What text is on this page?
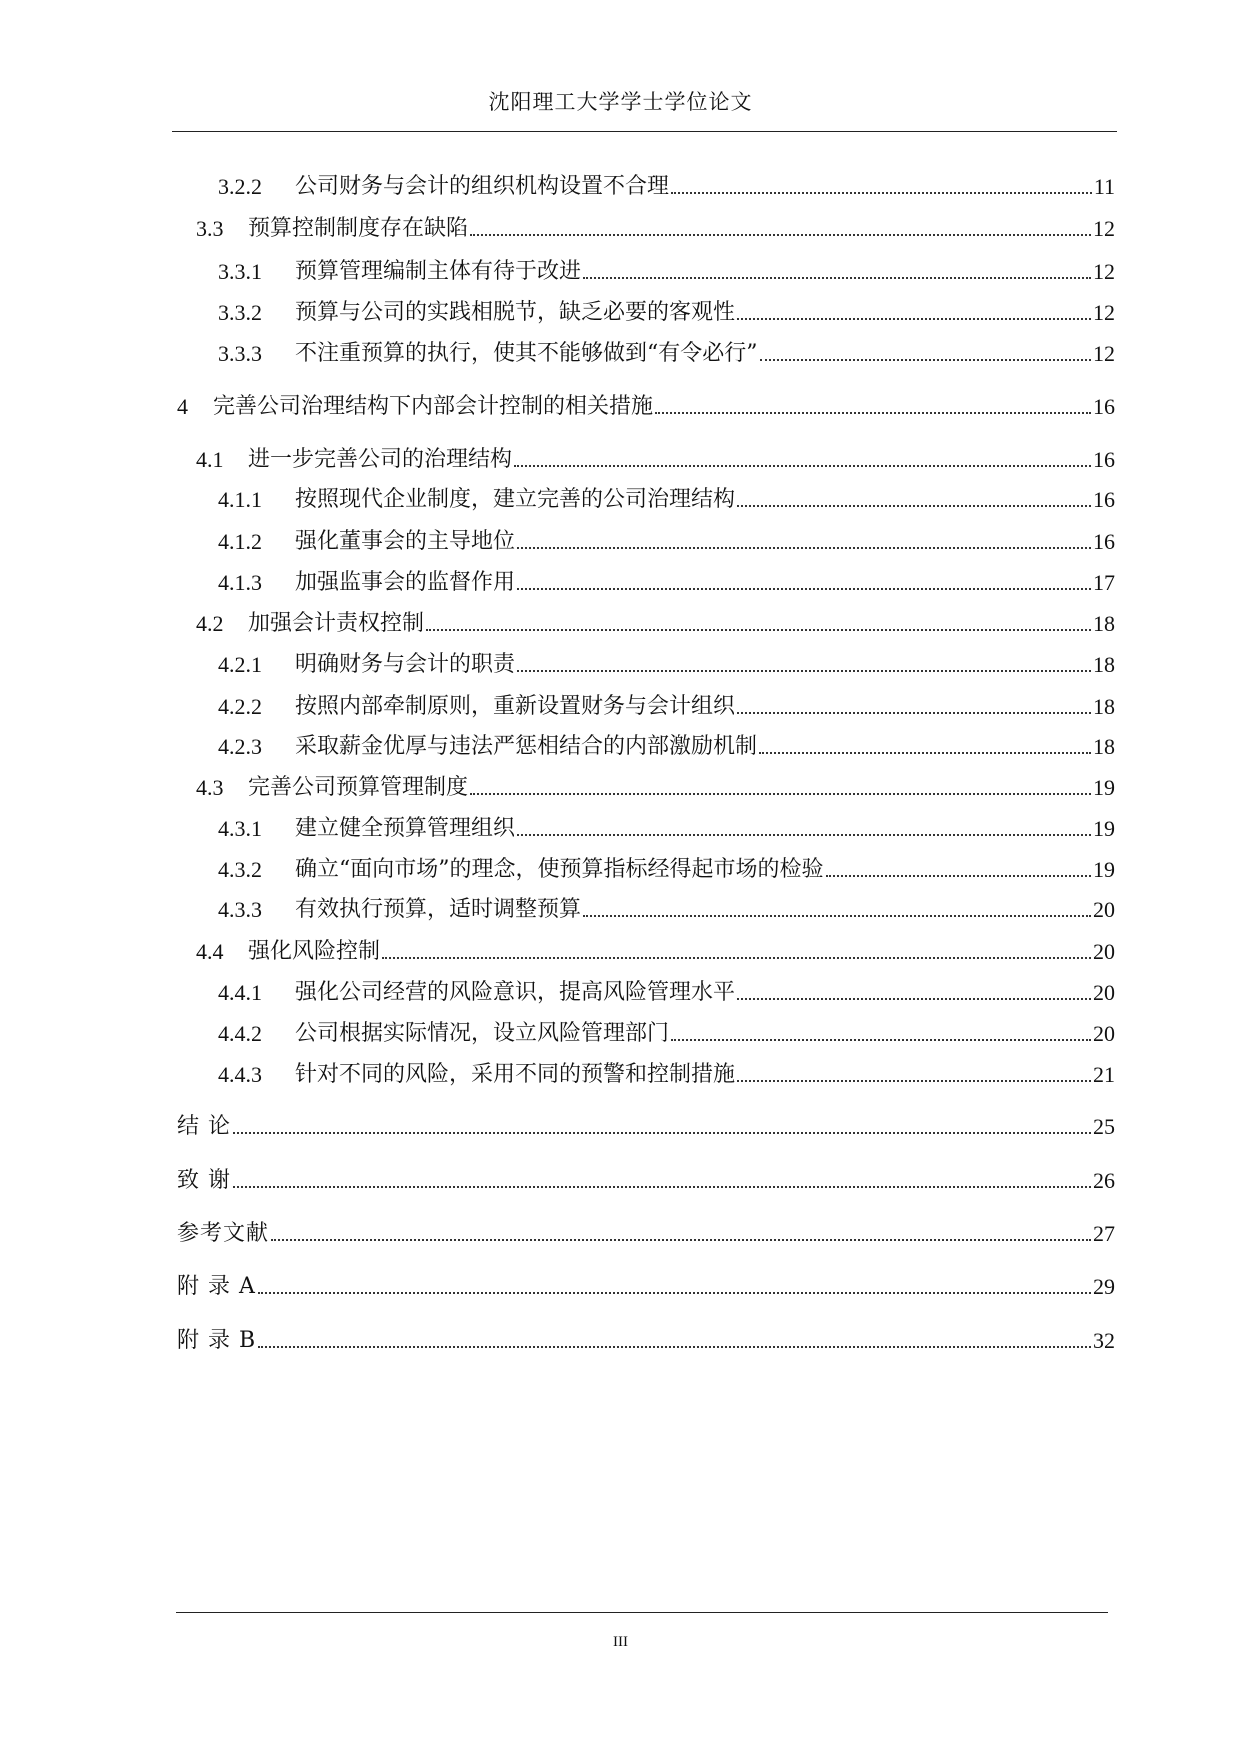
沈阳理工大学学士学位论文
3.2.2	公司财务与会计的组织机构设置不合理	11
3.3	预算控制制度存在缺陷	12
3.3.1	预算管理编制主体有待于改进	12
3.3.2	预算与公司的实践相脱节，缺乏必要的客观性	12
3.3.3	不注重预算的执行，使其不能够做到“有令必行”	12
4	完善公司治理结构下内部会计控制的相关措施	16
4.1	进一步完善公司的治理结构	16
4.1.1	按照现代企业制度，建立完善的公司治理结构	16
4.1.2	强化董事会的主导地位	16
4.1.3	加强监事会的监督作用	17
4.2	加强会计责权控制	18
4.2.1	明确财务与会计的职责	18
4.2.2	按照内部牵制原则，重新设置财务与会计组织	18
4.2.3	采取薪金优厚与违法严惩相结合的内部激励机制	18
4.3	完善公司预算管理制度	19
4.3.1	建立健全预算管理组织	19
4.3.2	确立“面向市场”的理念，使预算指标经得起市场的检验	19
4.3.3	有效执行预算，适时调整预算	20
4.4	强化风险控制	20
4.4.1	强化公司经营的风险意识，提高风险管理水平	20
4.4.2	公司根据实际情况，设立风险管理部门	20
4.4.3	针对不同的风险，采用不同的预警和控制措施	21
结 论	25
致 谢	26
参考文献	27
附 录 A	29
附 录 B	32
III
